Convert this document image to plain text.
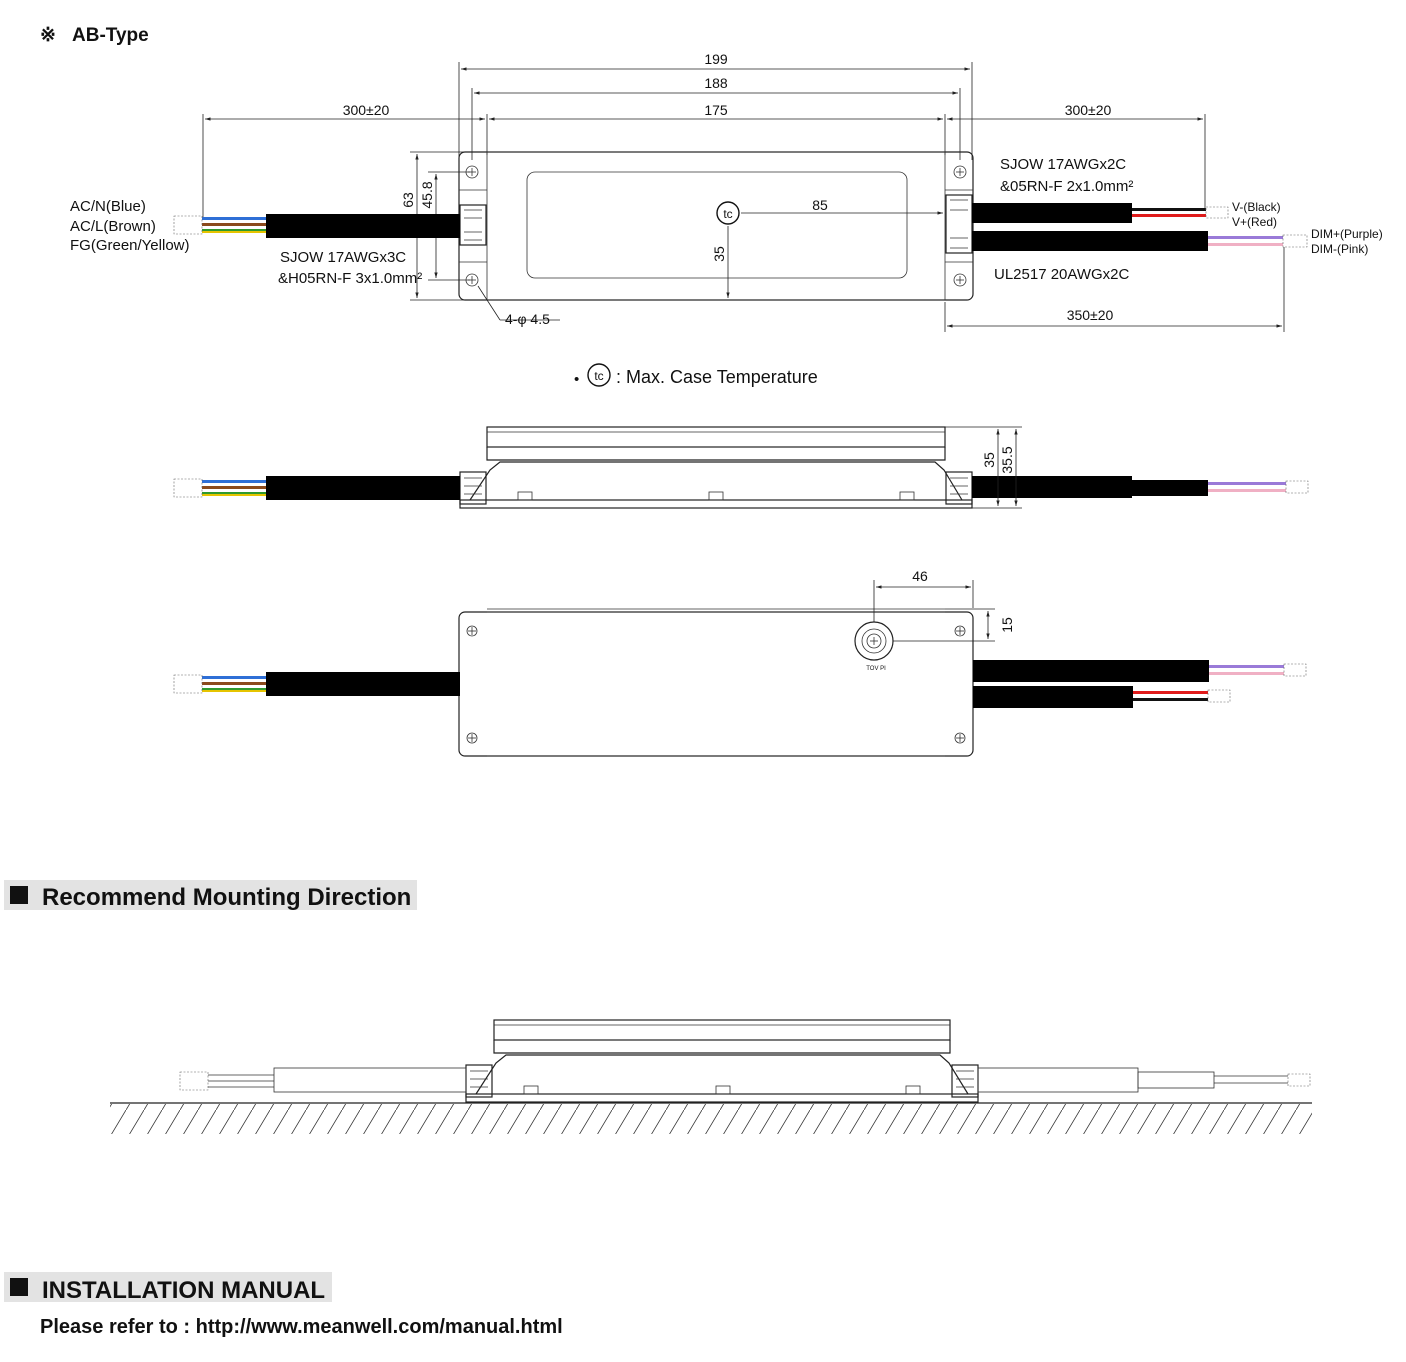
※ AB-Type
199
188
175
300±20	300±20
350±20
63 45.8
tc
85
35
4-φ 4.5
AC/N(Blue)
AC/L(Brown)
FG(Green/Yellow)
SJOW 17AWGx3C
&H05RN-F 3x1.0mm²
SJOW 17AWGx2C
&05RN-F 2x1.0mm²
UL2517 20AWGx2C
V-(Black)
V+(Red)
DIM+(Purple)
DIM-(Pink)
• tc : Max. Case Temperature
35 35.5
TOV PI
46
15
Recommend Mounting Direction
INSTALLATION MANUAL
Please refer to : http://www.meanwell.com/manual.html
